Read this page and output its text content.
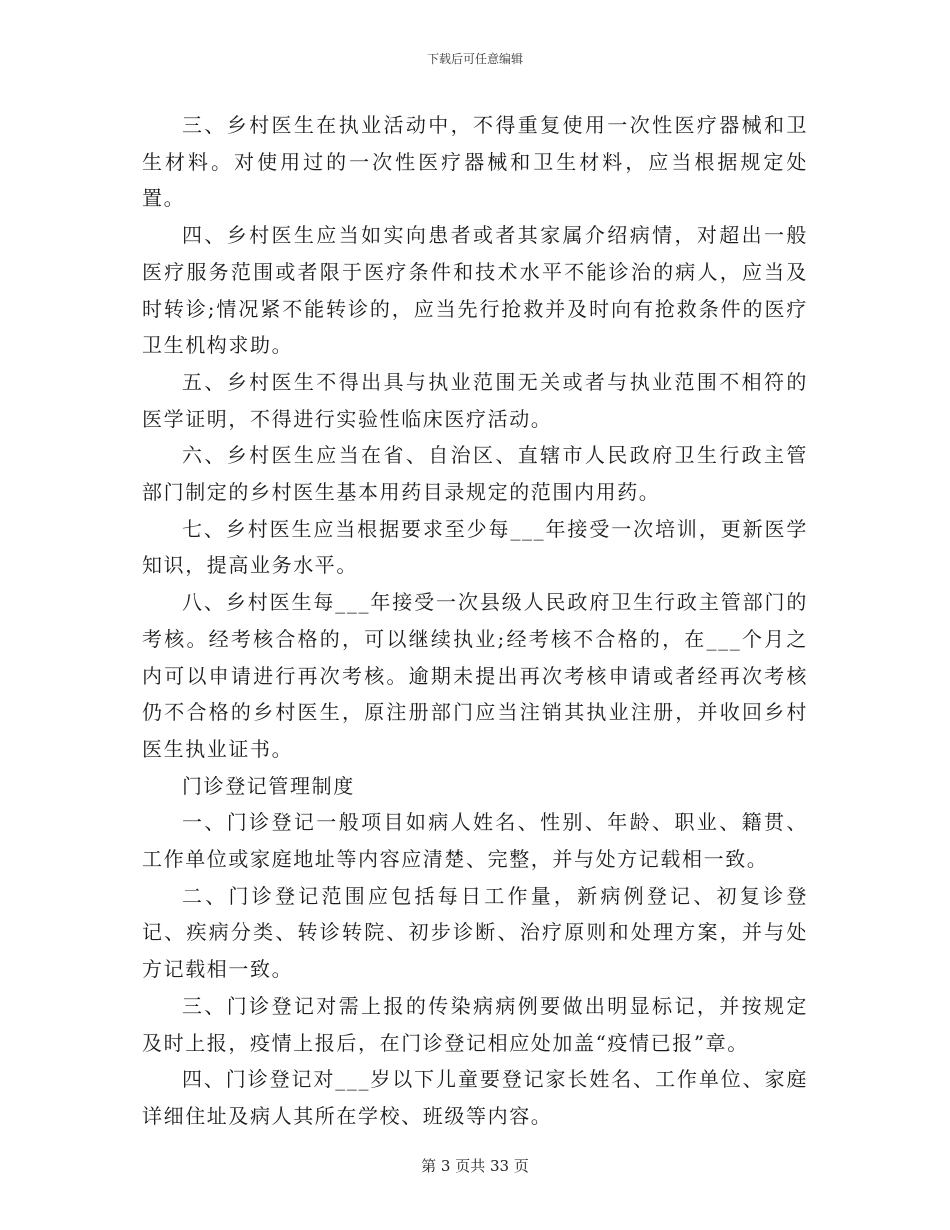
下载后可任意编辑

三、乡村医生在执业活动中，不得重复使用一次性医疗器械和卫生材料。对使用过的一次性医疗器械和卫生材料，应当根据规定处置。

四、乡村医生应当如实向患者或者其家属介绍病情，对超出一般医疗服务范围或者限于医疗条件和技术水平不能诊治的病人，应当及时转诊;情况紧不能转诊的，应当先行抢救并及时向有抢救条件的医疗卫生机构求助。

五、乡村医生不得出具与执业范围无关或者与执业范围不相符的医学证明，不得进行实验性临床医疗活动。

六、乡村医生应当在省、自治区、直辖市人民政府卫生行政主管部门制定的乡村医生基本用药目录规定的范围内用药。

七、乡村医生应当根据要求至少每___年接受一次培训，更新医学知识，提高业务水平。

八、乡村医生每___年接受一次县级人民政府卫生行政主管部门的考核。经考核合格的，可以继续执业;经考核不合格的，在___个月之内可以申请进行再次考核。逾期未提出再次考核申请或者经再次考核仍不合格的乡村医生，原注册部门应当注销其执业注册，并收回乡村医生执业证书。

门诊登记管理制度

一、门诊登记一般项目如病人姓名、性别、年龄、职业、籍贯、工作单位或家庭地址等内容应清楚、完整，并与处方记载相一致。

二、门诊登记范围应包括每日工作量，新病例登记、初复诊登记、疾病分类、转诊转院、初步诊断、治疗原则和处理方案，并与处方记载相一致。

三、门诊登记对需上报的传染病病例要做出明显标记，并按规定及时上报，疫情上报后，在门诊登记相应处加盖“疫情已报”章。

四、门诊登记对___岁以下儿童要登记家长姓名、工作单位、家庭详细住址及病人其所在学校、班级等内容。

第 3 页共 33 页
